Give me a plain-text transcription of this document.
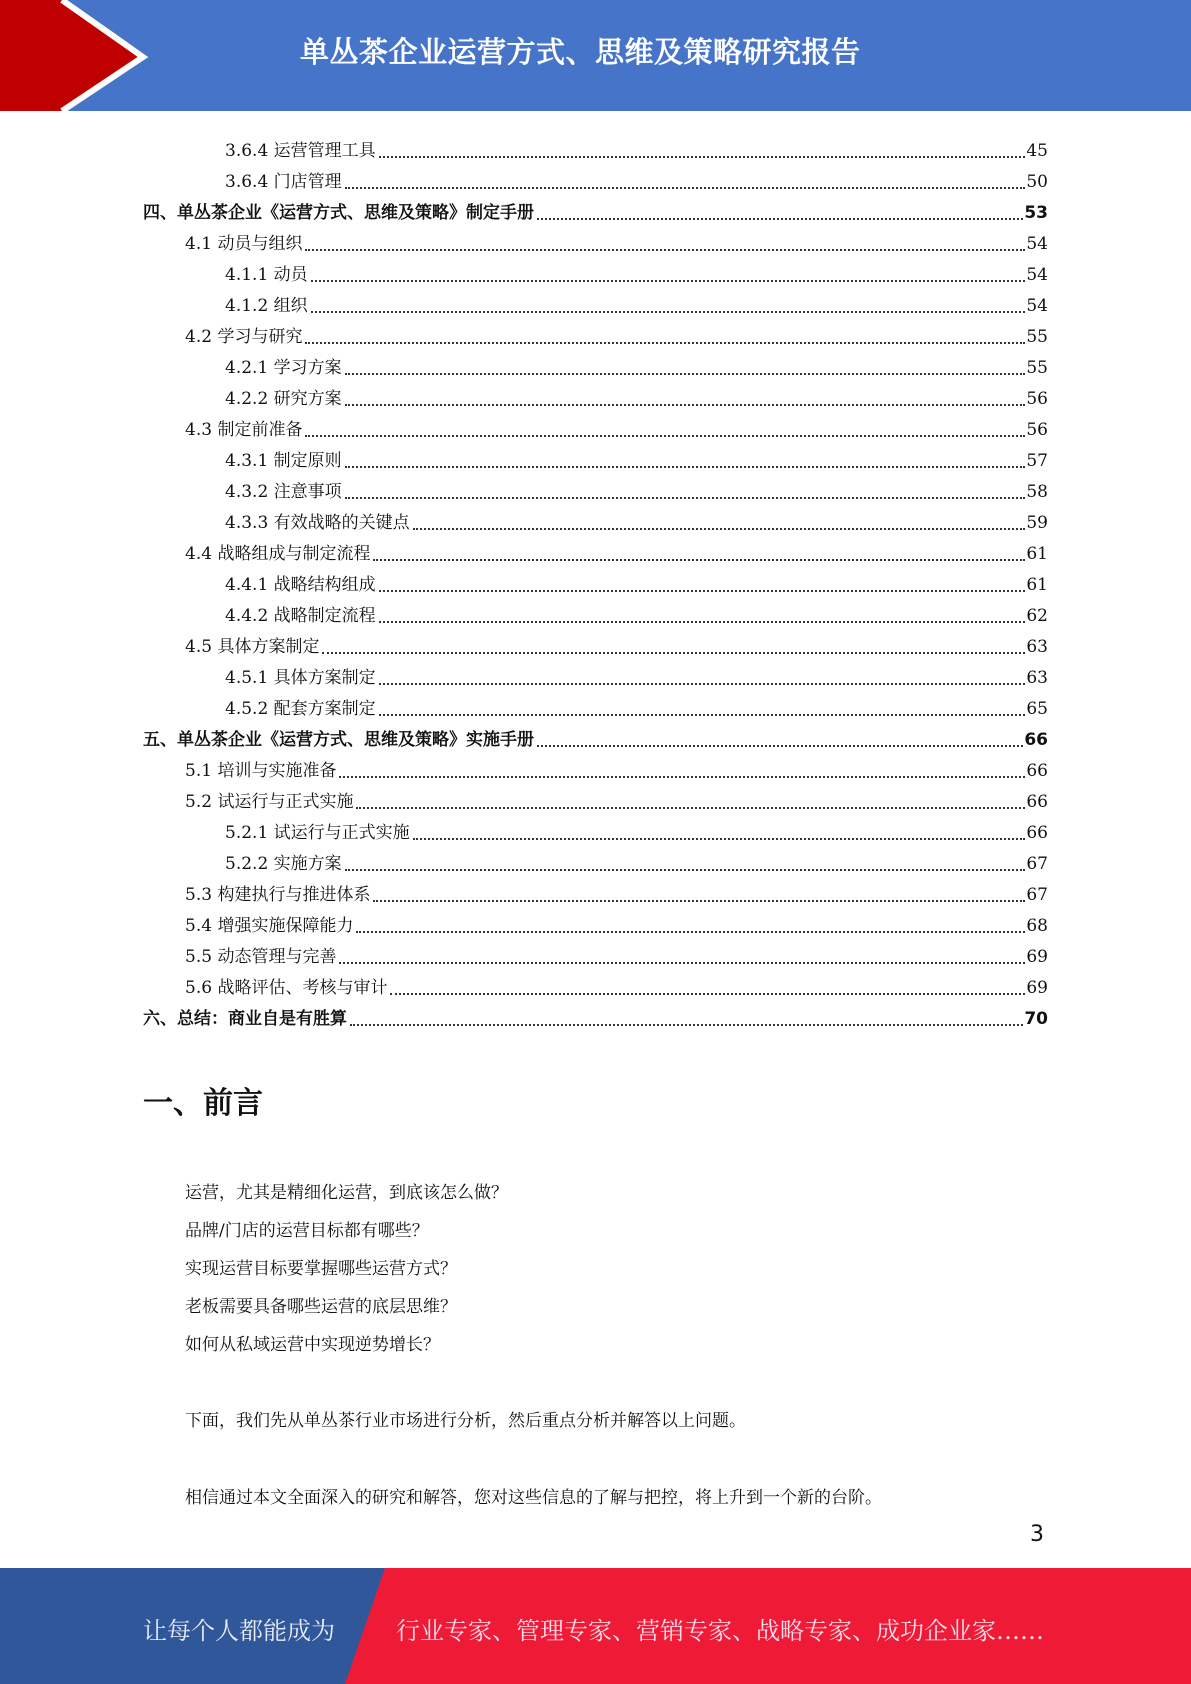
单丛茶企业运营方式、思维及策略研究报告
3.6.4 运营管理工具	45
3.6.4 门店管理	50
四、单丛茶企业《运营方式、思维及策略》制定手册	53
4.1 动员与组织	54
4.1.1 动员	54
4.1.2 组织	54
4.2 学习与研究	55
4.2.1 学习方案	55
4.2.2 研究方案	56
4.3 制定前准备	56
4.3.1 制定原则	57
4.3.2 注意事项	58
4.3.3 有效战略的关键点	59
4.4 战略组成与制定流程	61
4.4.1 战略结构组成	61
4.4.2 战略制定流程	62
4.5 具体方案制定	63
4.5.1 具体方案制定	63
4.5.2 配套方案制定	65
五、单丛茶企业《运营方式、思维及策略》实施手册	66
5.1 培训与实施准备	66
5.2 试运行与正式实施	66
5.2.1 试运行与正式实施	66
5.2.2 实施方案	67
5.3 构建执行与推进体系	67
5.4 增强实施保障能力	68
5.5 动态管理与完善	69
5.6 战略评估、考核与审计	69
六、总结：商业自是有胜算	70
一、前言
运营，尤其是精细化运营，到底该怎么做？
品牌/门店的运营目标都有哪些？
实现运营目标要掌握哪些运营方式？
老板需要具备哪些运营的底层思维？
如何从私域运营中实现逆势增长？
下面，我们先从单丛茶行业市场进行分析，然后重点分析并解答以上问题。
相信通过本文全面深入的研究和解答，您对这些信息的了解与把控，将上升到一个新的台阶。
3
让每个人都能成为	行业专家、管理专家、营销专家、战略专家、成功企业家……
